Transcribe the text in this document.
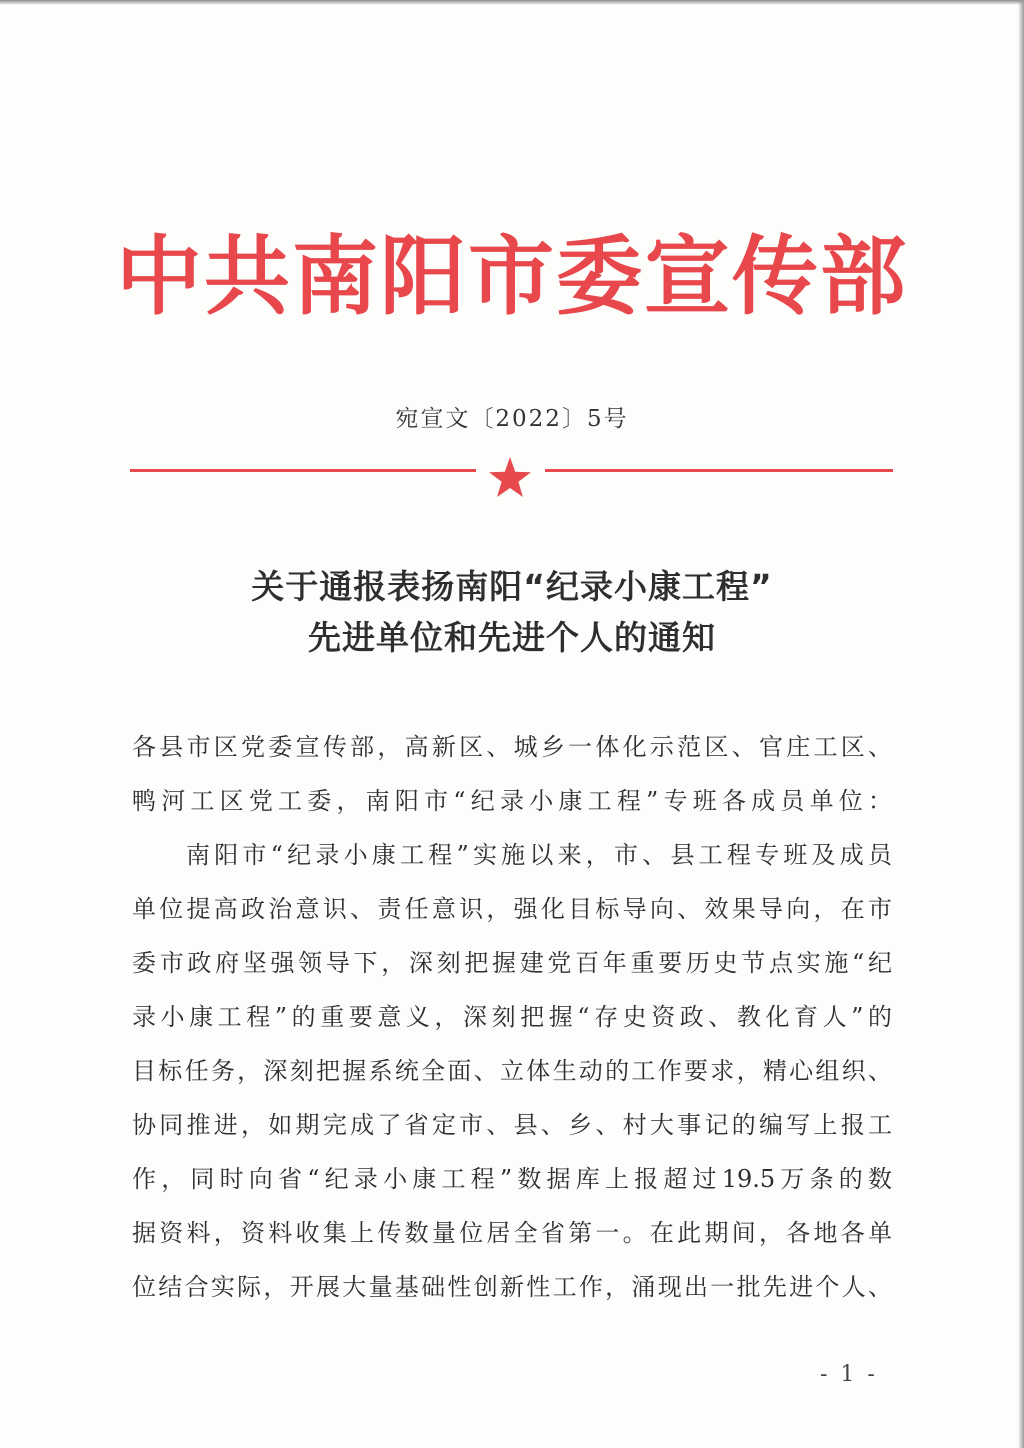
中共南阳市委宣传部
宛宣文〔2022〕5号
关于通报表扬南阳“纪录小康工程”
先进单位和先进个人的通知
各县市区党委宣传部，高新区、城乡一体化示范区、官庄工区、
鸭河工区党工委，南阳市“纪录小康工程”专班各成员单位：
南阳市“纪录小康工程”实施以来，市、县工程专班及成员
单位提高政治意识、责任意识，强化目标导向、效果导向，在市
委市政府坚强领导下，深刻把握建党百年重要历史节点实施“纪
录小康工程”的重要意义，深刻把握“存史资政、教化育人”的
目标任务，深刻把握系统全面、立体生动的工作要求，精心组织、
协同推进，如期完成了省定市、县、乡、村大事记的编写上报工
作，同时向省“纪录小康工程”数据库上报超过19.5万条的数
据资料，资料收集上传数量位居全省第一。在此期间，各地各单
位结合实际，开展大量基础性创新性工作，涌现出一批先进个人、
- 1 -
